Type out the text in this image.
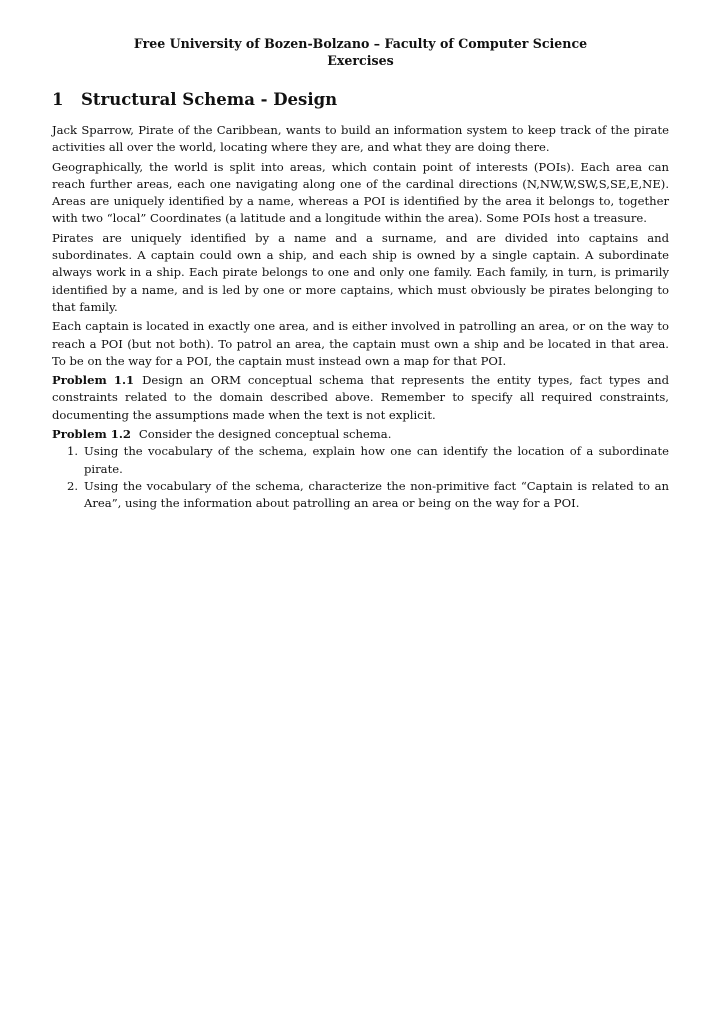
Free University of Bozen-Bolzano – Faculty of Computer Science
Exercises
1	Structural Schema - Design

Jack Sparrow, Pirate of the Caribbean, wants to build an information system to keep track of the pirate activities all over the world, locating where they are, and what they are doing there.

Geographically, the world is split into areas, which contain point of interests (POIs). Each area can reach further areas, each one navigating along one of the cardinal directions (N,NW,W,SW,S,SE,E,NE). Areas are uniquely identified by a name, whereas a POI is identified by the area it belongs to, together with two “local” Coordinates (a latitude and a longitude within the area). Some POIs host a treasure.

Pirates are uniquely identified by a name and a surname, and are divided into captains and subordinates. A captain could own a ship, and each ship is owned by a single captain. A subordinate always work in a ship. Each pirate belongs to one and only one family. Each family, in turn, is primarily identified by a name, and is led by one or more captains, which must obviously be pirates belonging to that family.

Each captain is located in exactly one area, and is either involved in patrolling an area, or on the way to reach a POI (but not both). To patrol an area, the captain must own a ship and be located in that area. To be on the way for a POI, the captain must instead own a map for that POI.

Problem 1.1 Design an ORM conceptual schema that represents the entity types, fact types and constraints related to the domain described above. Remember to specify all required constraints, documenting the assumptions made when the text is not explicit.

Problem 1.2 Consider the designed conceptual schema.

1. Using the vocabulary of the schema, explain how one can identify the location of a subordinate pirate.
2. Using the vocabulary of the schema, characterize the non-primitive fact “Captain is related to an Area”, using the information about patrolling an area or being on the way for a POI.
